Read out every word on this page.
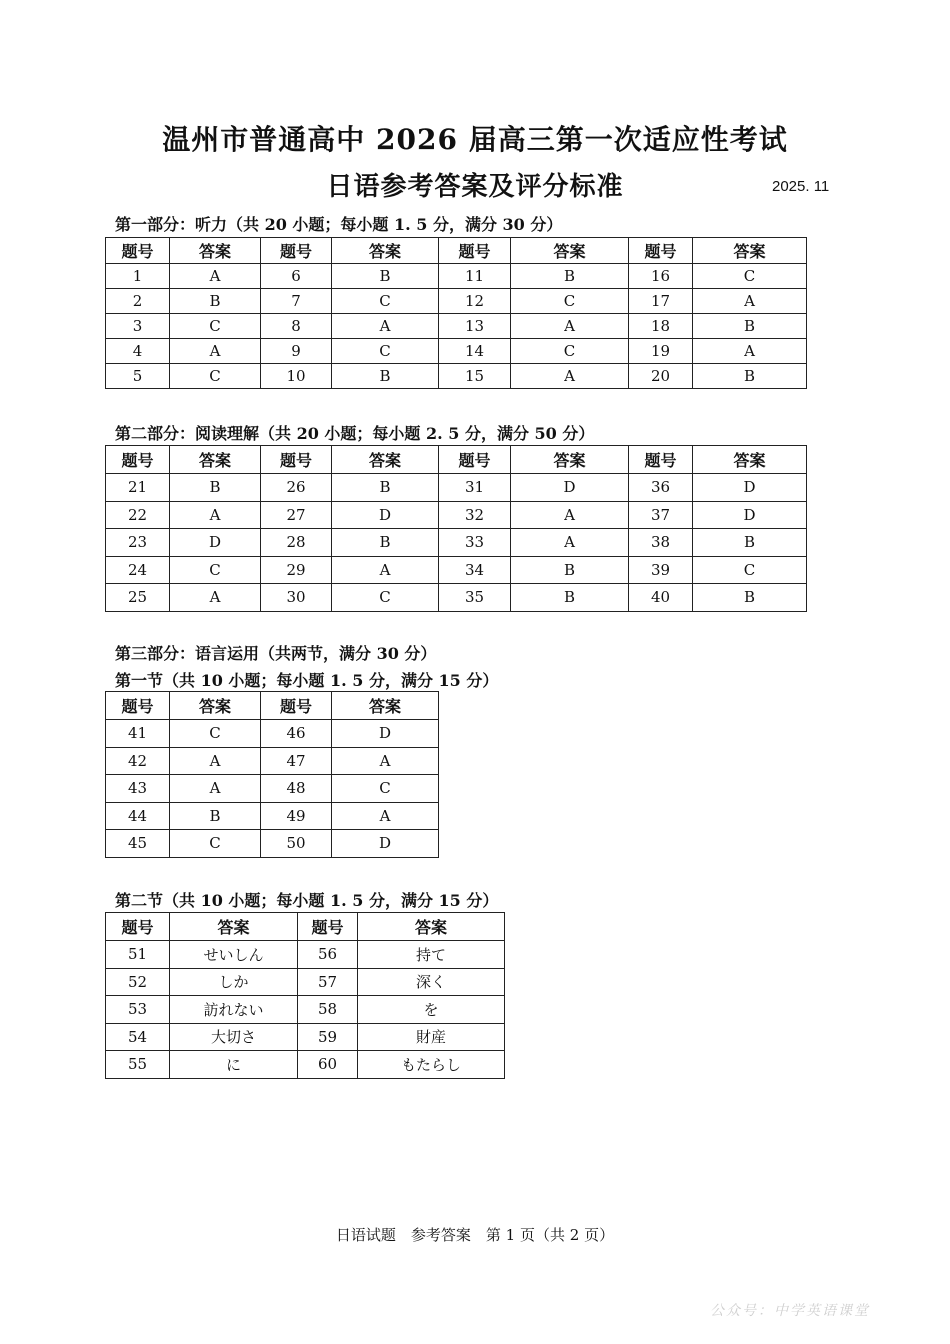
温州市普通高中 2026 届高三第一次适应性考试
日语参考答案及评分标准	2025. 11
第一部分：听力（共 20 小题；每小题 1. 5 分，满分 30 分）
题号	答案	题号	答案	题号	答案	题号	答案
1	A	6	B	11	B	16	C
2	B	7	C	12	C	17	A
3	C	8	A	13	A	18	B
4	A	9	C	14	C	19	A
5	C	10	B	15	A	20	B
第二部分：阅读理解（共 20 小题；每小题 2. 5 分，满分 50 分）
题号	答案	题号	答案	题号	答案	题号	答案
21	B	26	B	31	D	36	D
22	A	27	D	32	A	37	D
23	D	28	B	33	A	38	B
24	C	29	A	34	B	39	C
25	A	30	C	35	B	40	B
第三部分：语言运用（共两节，满分 30 分）
第一节（共 10 小题；每小题 1. 5 分，满分 15 分）
题号	答案	题号	答案
41	C	46	D
42	A	47	A
43	A	48	C
44	B	49	A
45	C	50	D
第二节（共 10 小题；每小题 1. 5 分，满分 15 分）
题号	答案	题号	答案
51	せいしん	56	持て
52	しか	57	深く
53	訪れない	58	を
54	大切さ	59	財産
55	に	60	もたらし
日语试题　参考答案　第 1 页（共 2 页）
公众号：中学英语课堂
